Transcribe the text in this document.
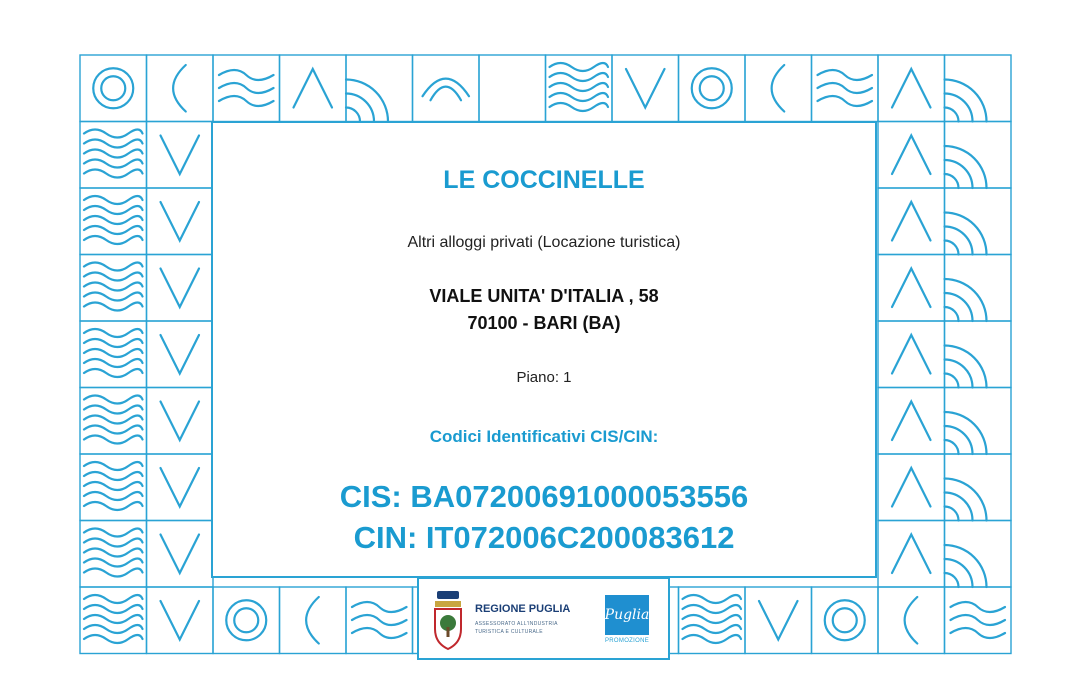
LE COCCINELLE
Altri alloggi privati (Locazione turistica)
VIALE UNITA' D'ITALIA , 58
70100 - BARI (BA)
Piano: 1
Codici Identificativi CIS/CIN:
CIS: BA07200691000053556
CIN: IT072006C200083612
REGIONE PUGLIA
ASSESSORATO ALL'INDUSTRIA
TURISTICA E CULTURALE
Puglia
PROMOZIONE
